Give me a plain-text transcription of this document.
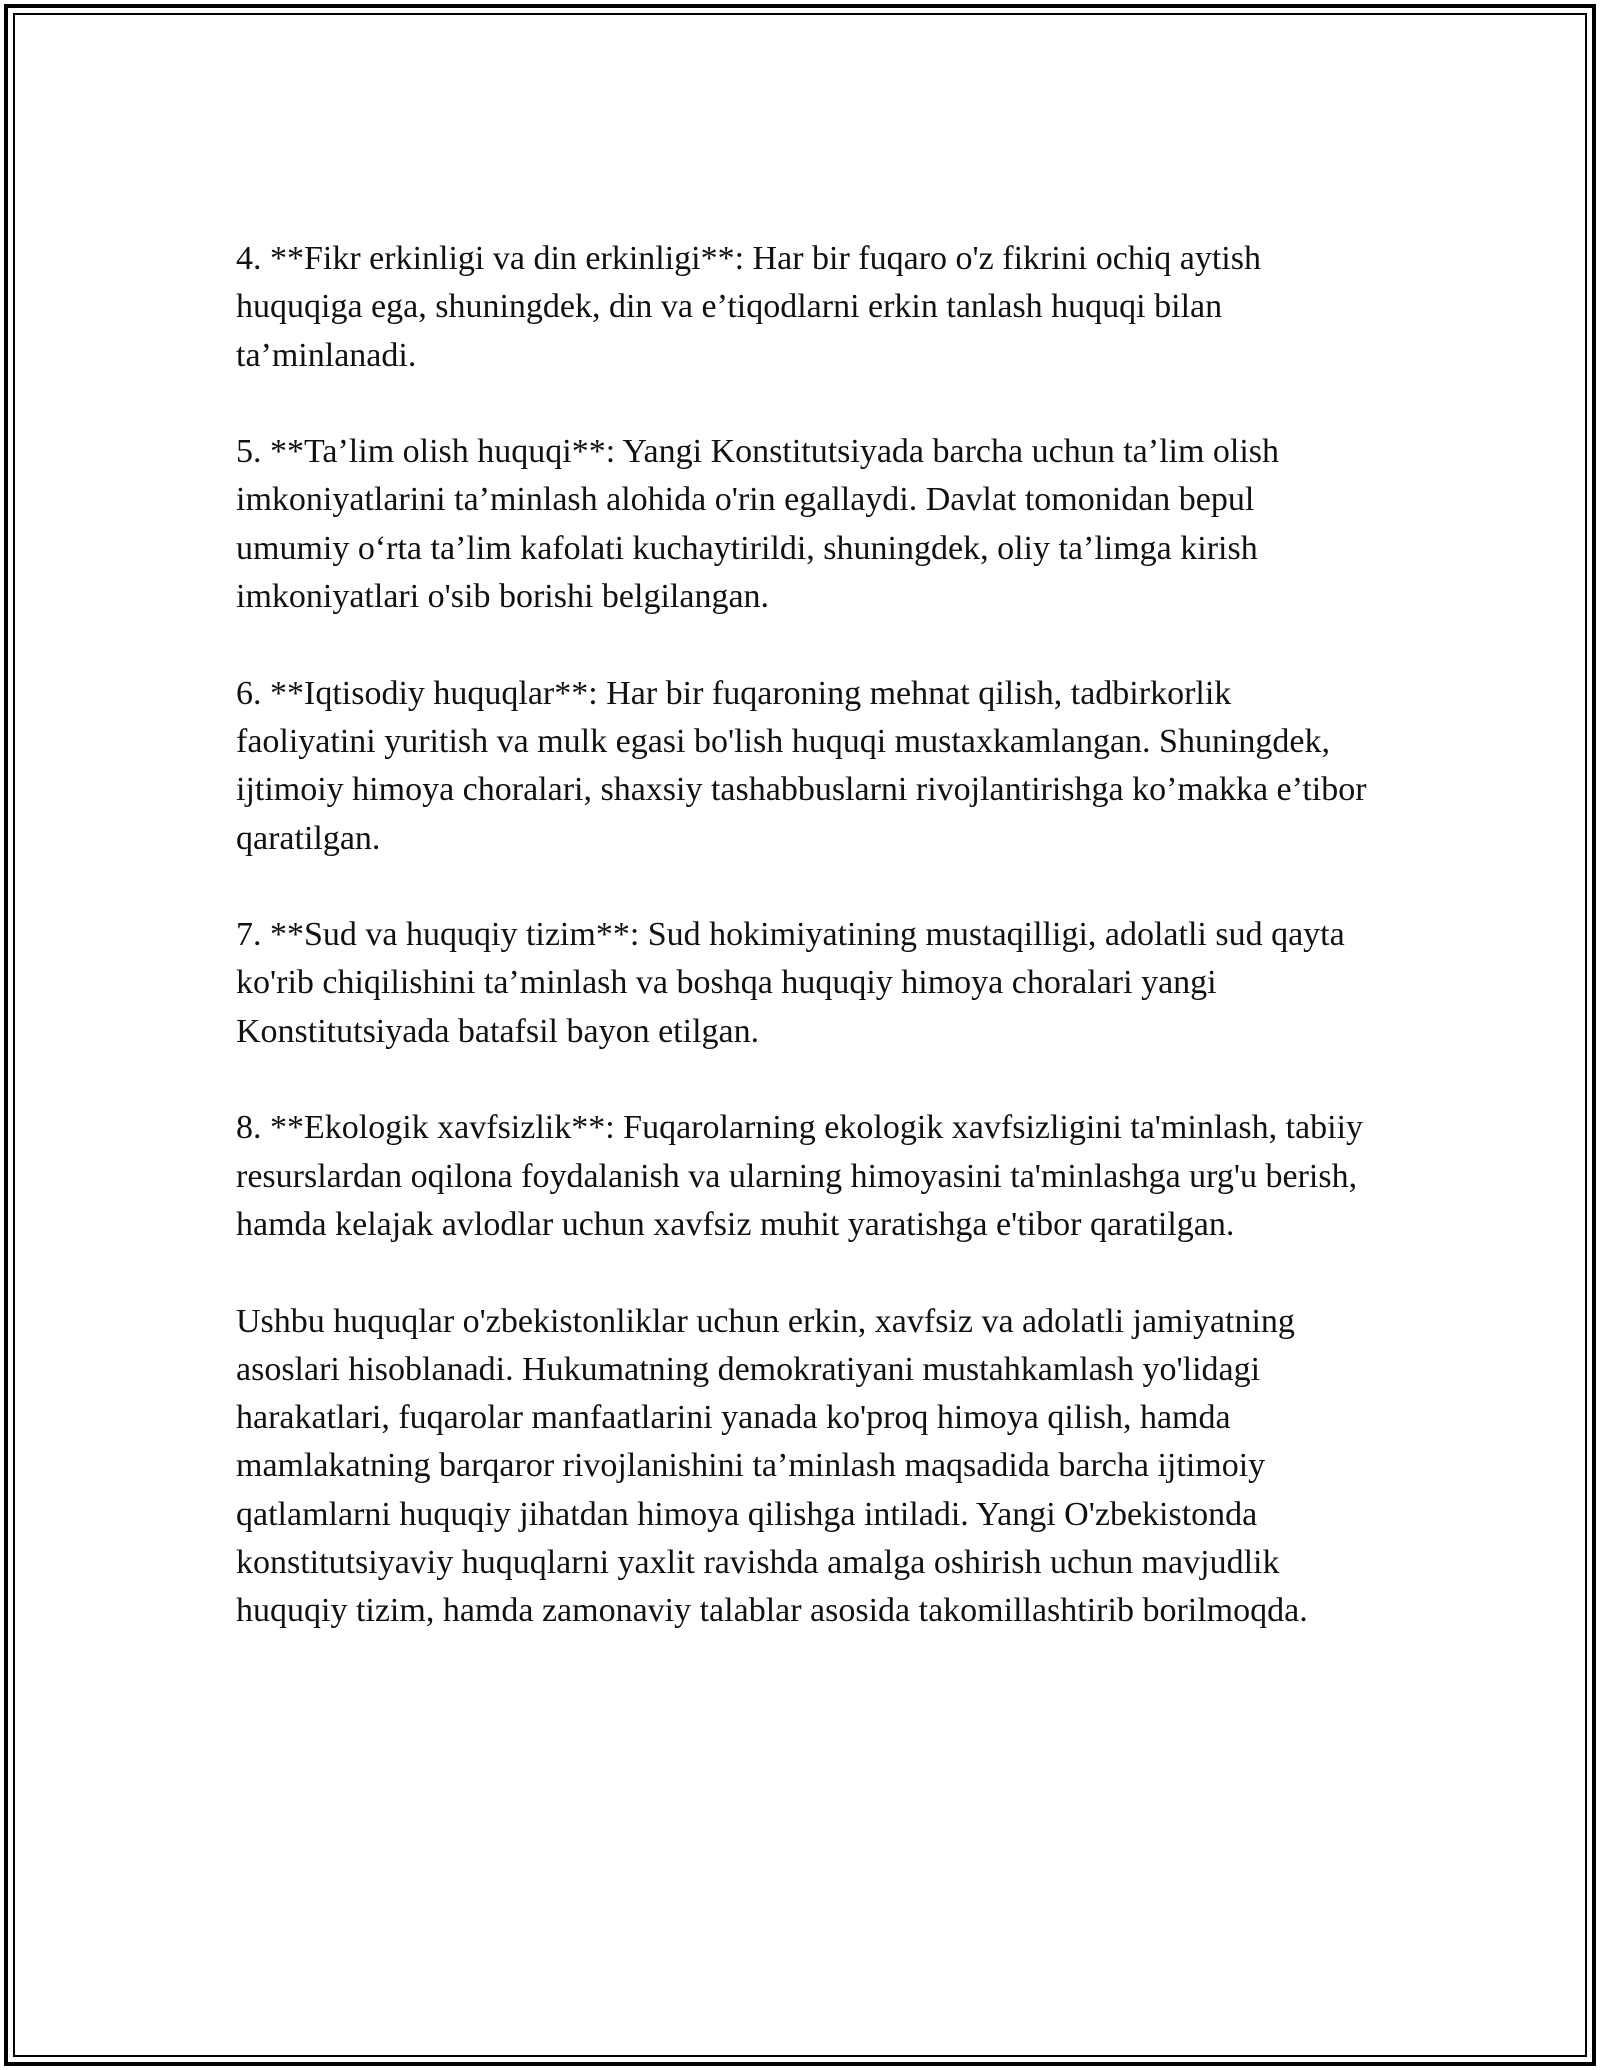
4. **Fikr erkinligi va din erkinligi**: Har bir fuqaro o'z fikrini ochiq aytish huquqiga ega, shuningdek, din va e’tiqodlarni erkin tanlash huquqi bilan ta’minlanadi.

5. **Ta’lim olish huquqi**: Yangi Konstitutsiyada barcha uchun ta’lim olish imkoniyatlarini ta’minlash alohida o'rin egallaydi. Davlat tomonidan bepul umumiy o‘rta ta’lim kafolati kuchaytirildi, shuningdek, oliy ta’limga kirish imkoniyatlari o'sib borishi belgilangan.

6. **Iqtisodiy huquqlar**: Har bir fuqaroning mehnat qilish, tadbirkorlik faoliyatini yuritish va mulk egasi bo'lish huquqi mustaxkamlangan. Shuningdek, ijtimoiy himoya choralari, shaxsiy tashabbuslarni rivojlantirishga ko’makka e’tibor qaratilgan.

7. **Sud va huquqiy tizim**: Sud hokimiyatining mustaqilligi, adolatli sud qayta ko'rib chiqilishini ta’minlash va boshqa huquqiy himoya choralari yangi Konstitutsiyada batafsil bayon etilgan.

8. **Ekologik xavfsizlik**: Fuqarolarning ekologik xavfsizligini ta'minlash, tabiiy resurslardan oqilona foydalanish va ularning himoyasini ta'minlashga urg'u berish, hamda kelajak avlodlar uchun xavfsiz muhit yaratishga e'tibor qaratilgan.

Ushbu huquqlar o'zbekistonliklar uchun erkin, xavfsiz va adolatli jamiyatning asoslari hisoblanadi. Hukumatning demokratiyani mustahkamlash yo'lidagi harakatlari, fuqarolar manfaatlarini yanada ko'proq himoya qilish, hamda mamlakatning barqaror rivojlanishini ta’minlash maqsadida barcha ijtimoiy qatlamlarni huquqiy jihatdan himoya qilishga intiladi. Yangi O'zbekistonda konstitutsiyaviy huquqlarni yaxlit ravishda amalga oshirish uchun mavjudlik huquqiy tizim, hamda zamonaviy talablar asosida takomillashtirib borilmoqda.
